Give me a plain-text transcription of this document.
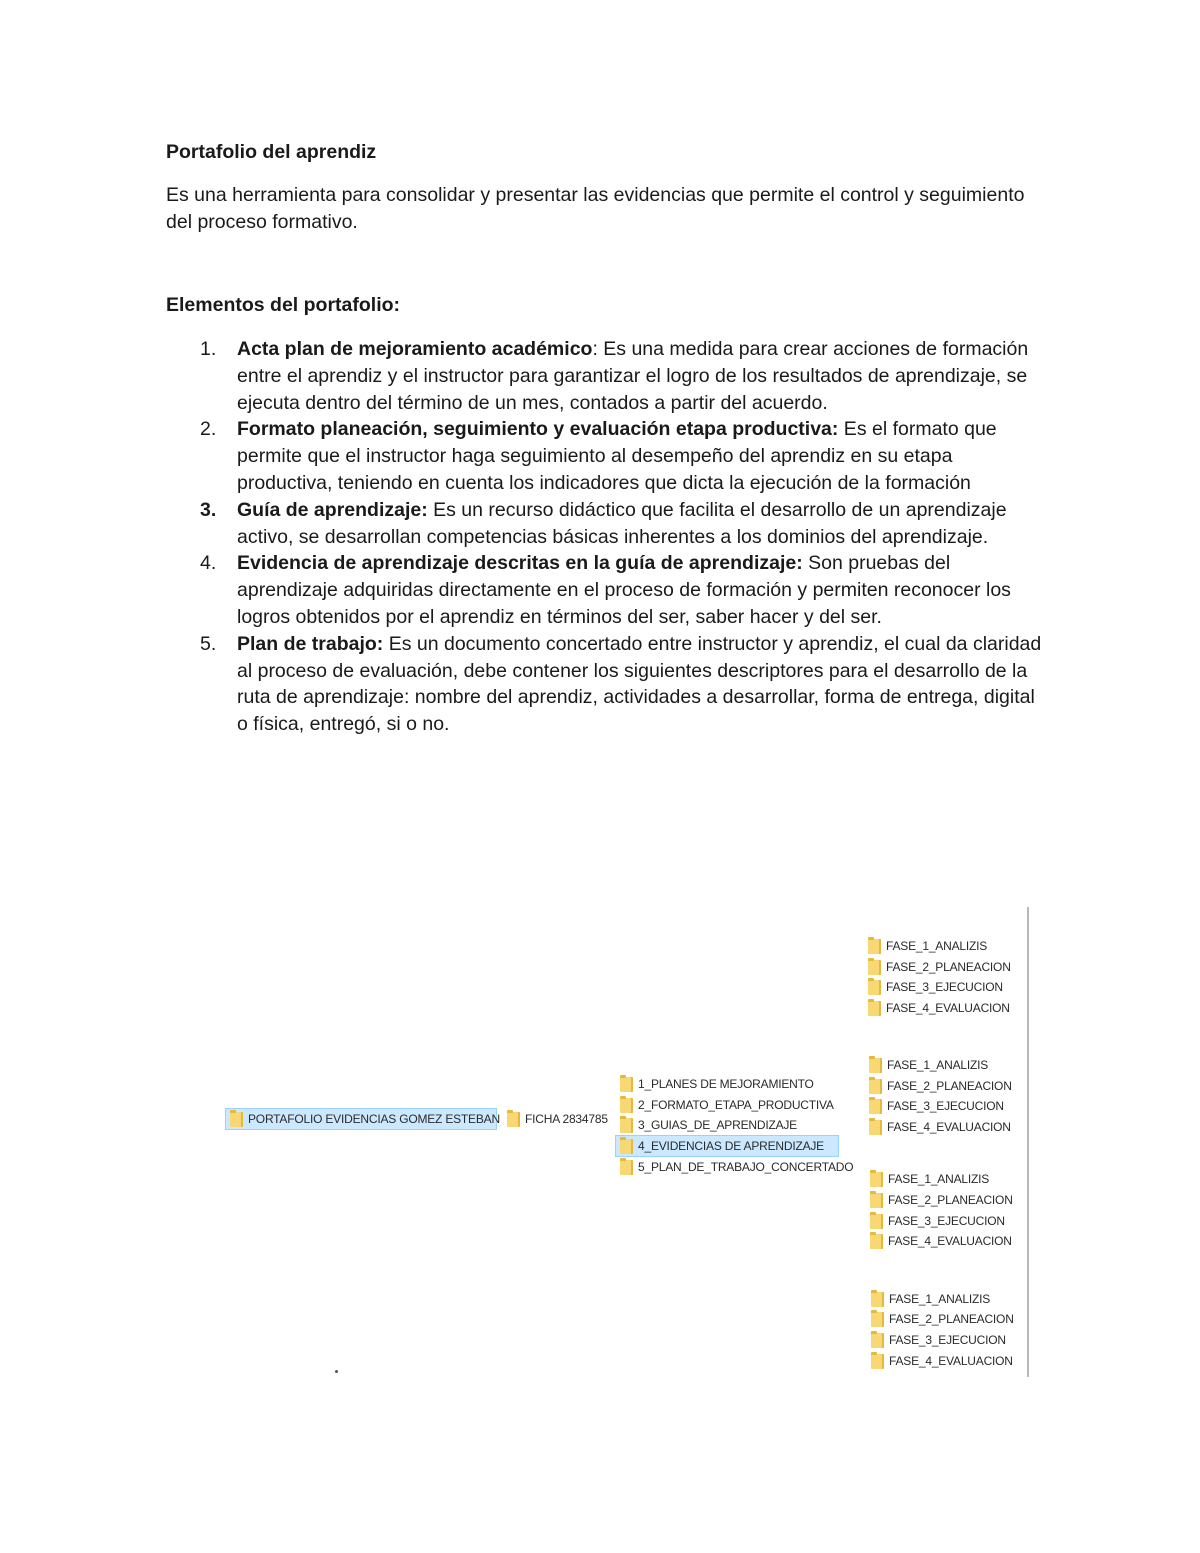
Portafolio del aprendiz
Es una herramienta para consolidar y presentar las evidencias que permite el control y seguimiento del proceso formativo.
Elementos del portafolio:
1. Acta plan de mejoramiento académico: Es una medida para crear acciones de formación entre el aprendiz y el instructor para garantizar el logro de los resultados de aprendizaje, se ejecuta dentro del término de un mes, contados a partir del acuerdo.
2. Formato planeación, seguimiento y evaluación etapa productiva: Es el formato que permite que el instructor haga seguimiento al desempeño del aprendiz en su etapa productiva, teniendo en cuenta los indicadores que dicta la ejecución de la formación
3. Guía de aprendizaje: Es un recurso didáctico que facilita el desarrollo de un aprendizaje activo, se desarrollan competencias básicas inherentes a los dominios del aprendizaje.
4. Evidencia de aprendizaje descritas en la guía de aprendizaje: Son pruebas del aprendizaje adquiridas directamente en el proceso de formación y permiten reconocer los logros obtenidos por el aprendiz en términos del ser, saber hacer y del ser.
5. Plan de trabajo: Es un documento concertado entre instructor y aprendiz, el cual da claridad al proceso de evaluación, debe contener los siguientes descriptores para el desarrollo de la ruta de aprendizaje: nombre del aprendiz, actividades a desarrollar, forma de entrega, digital o física, entregó, si o no.
PORTAFOLIO EVIDENCIAS GOMEZ ESTEBAN FICHA 2834785
1_PLANES DE MEJORAMIENTO
2_FORMATO_ETAPA_PRODUCTIVA
3_GUIAS_DE_APRENDIZAJE
4_EVIDENCIAS DE APRENDIZAJE
5_PLAN_DE_TRABAJO_CONCERTADO
FASE_1_ANALIZIS
FASE_2_PLANEACION
FASE_3_EJECUCION
FASE_4_EVALUACION
FASE_1_ANALIZIS
FASE_2_PLANEACION
FASE_3_EJECUCION
FASE_4_EVALUACION
FASE_1_ANALIZIS
FASE_2_PLANEACION
FASE_3_EJECUCION
FASE_4_EVALUACION
FASE_1_ANALIZIS
FASE_2_PLANEACION
FASE_3_EJECUCION
FASE_4_EVALUACION
